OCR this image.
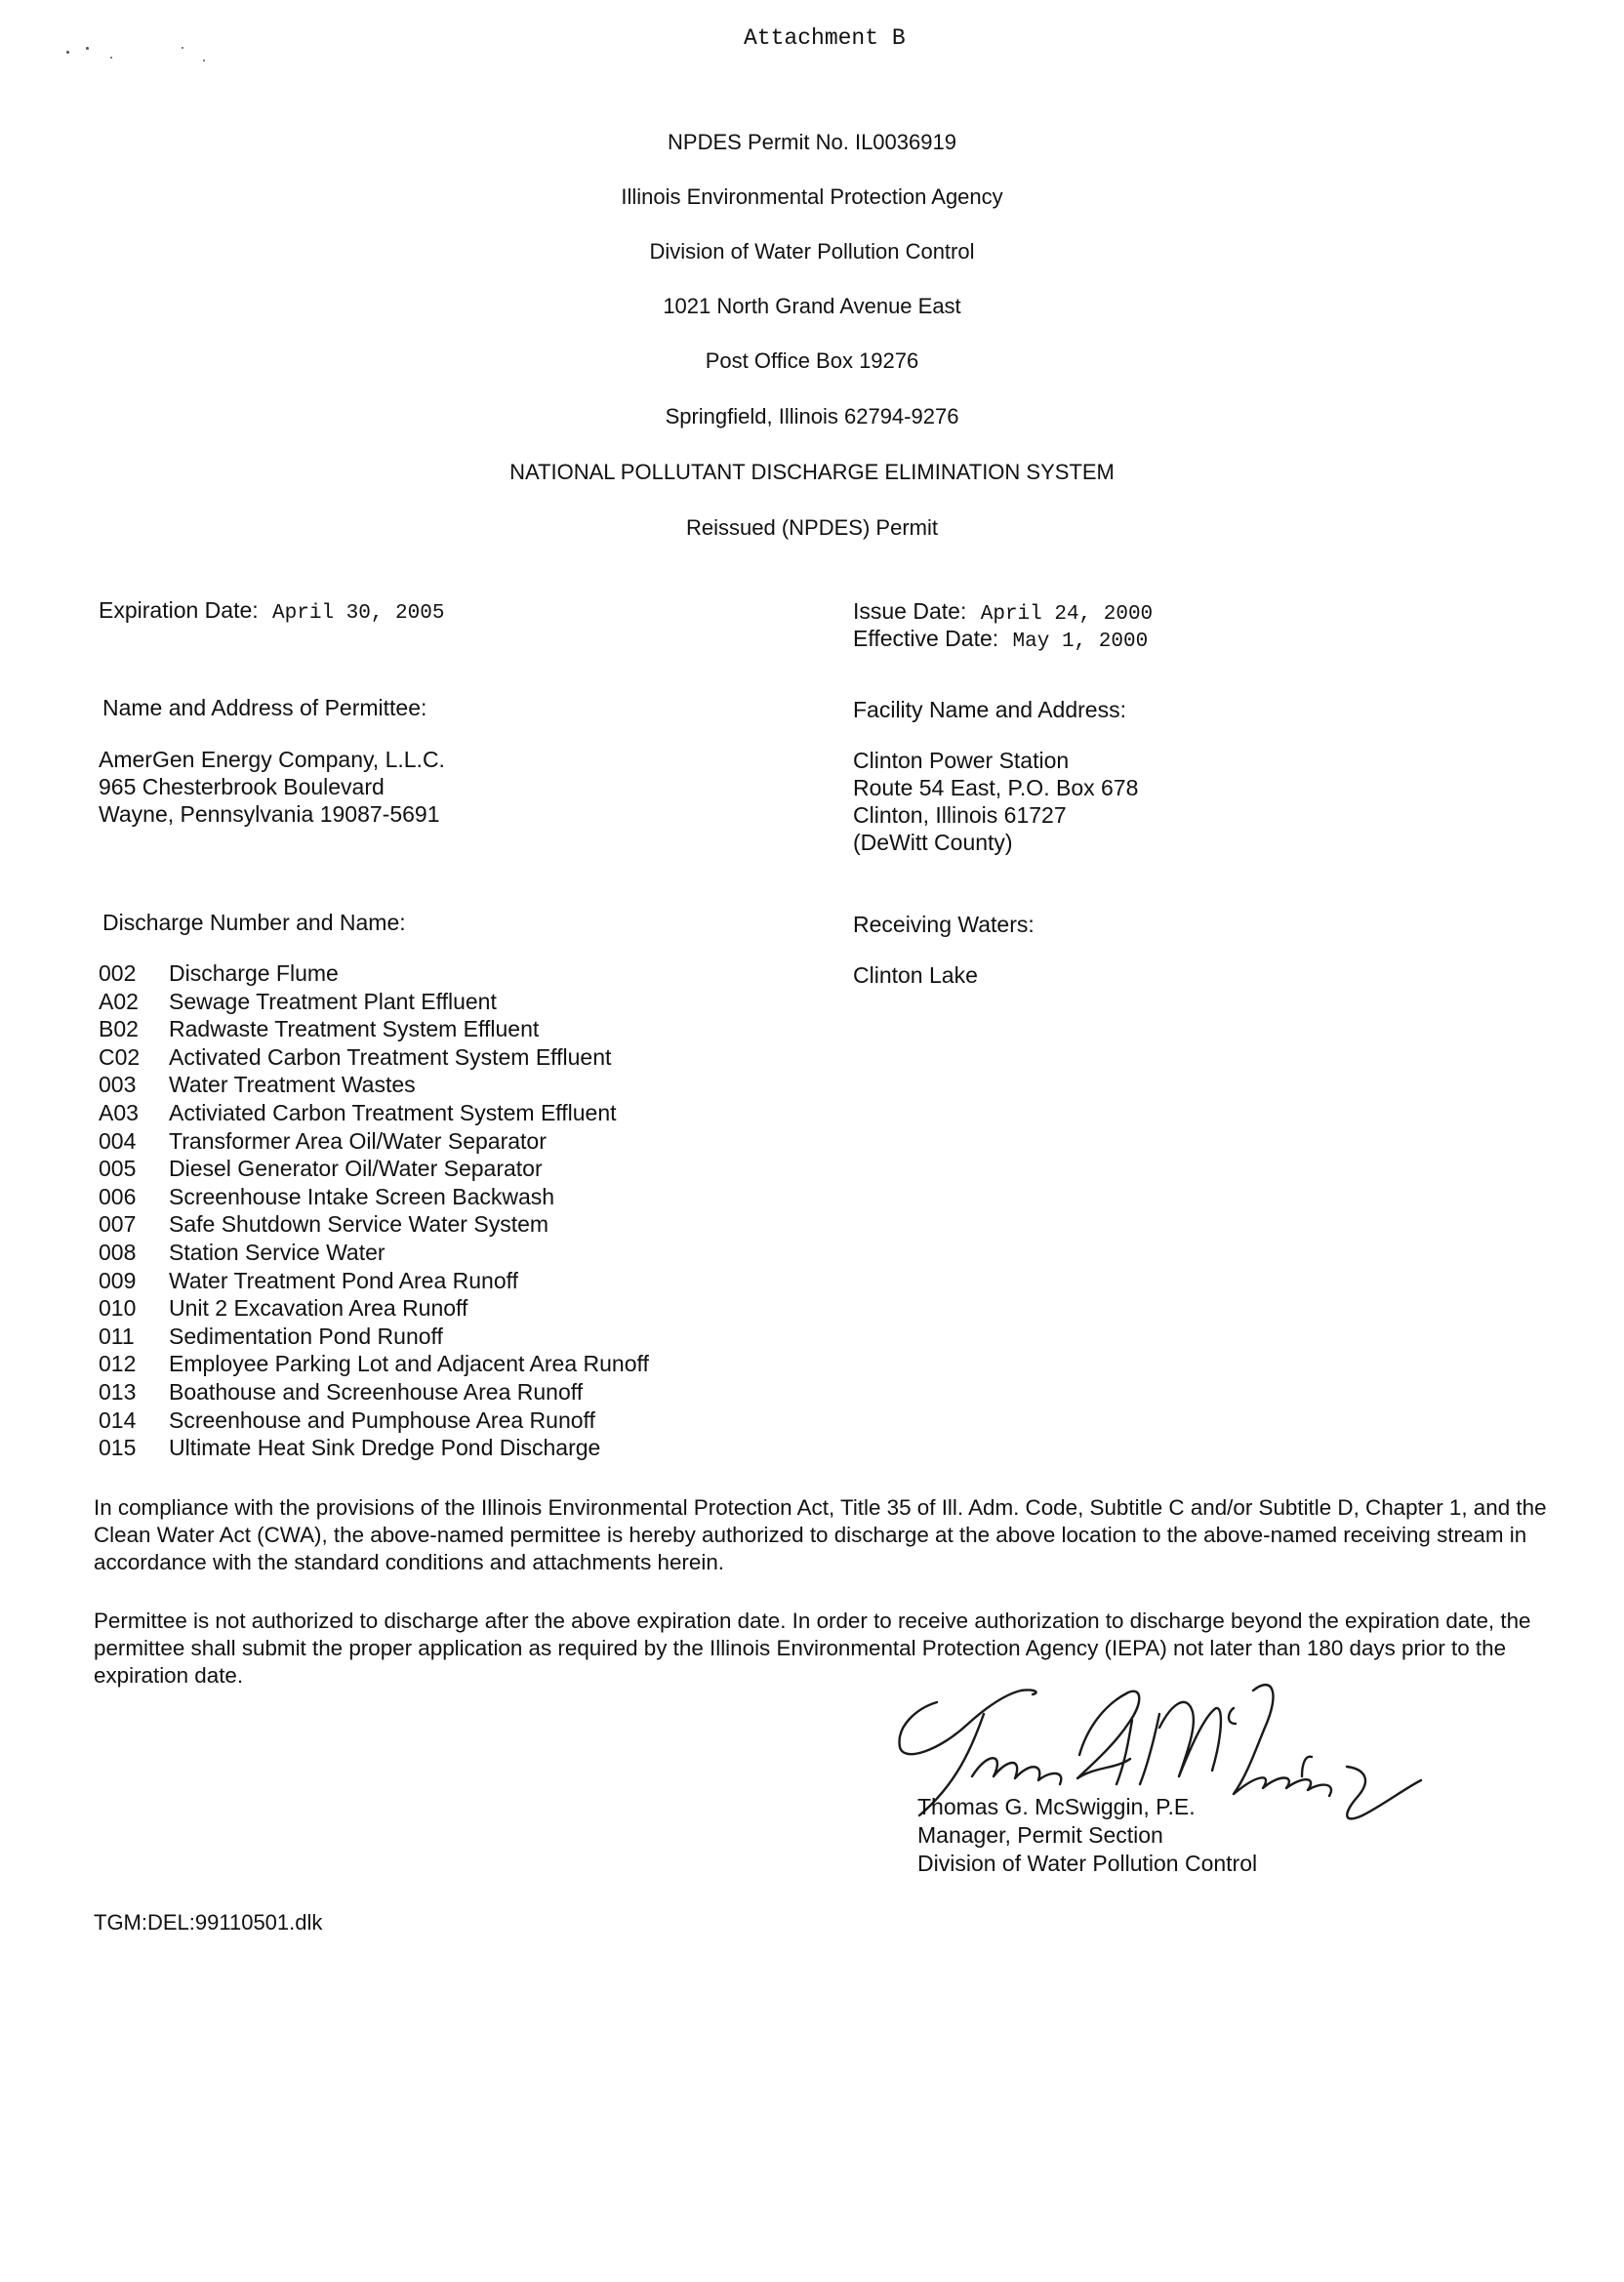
Attachment B
NPDES Permit No. IL0036919
Illinois Environmental Protection Agency
Division of Water Pollution Control
1021 North Grand Avenue East
Post Office Box 19276
Springfield, Illinois 62794-9276
NATIONAL POLLUTANT DISCHARGE ELIMINATION SYSTEM
Reissued (NPDES) Permit
Expiration Date: April 30, 2005	Issue Date: April 24, 2000
Effective Date: May 1, 2000
Name and Address of Permittee:
AmerGen Energy Company, L.L.C.
965 Chesterbrook Boulevard
Wayne, Pennsylvania 19087-5691
Facility Name and Address:
Clinton Power Station
Route 54 East, P.O. Box 678
Clinton, Illinois 61727
(DeWitt County)
Discharge Number and Name:	Receiving Waters:
Clinton Lake
002	Discharge Flume
A02	Sewage Treatment Plant Effluent
B02	Radwaste Treatment System Effluent
C02	Activated Carbon Treatment System Effluent
003	Water Treatment Wastes
A03	Activiated Carbon Treatment System Effluent
004	Transformer Area Oil/Water Separator
005	Diesel Generator Oil/Water Separator
006	Screenhouse Intake Screen Backwash
007	Safe Shutdown Service Water System
008	Station Service Water
009	Water Treatment Pond Area Runoff
010	Unit 2 Excavation Area Runoff
011	Sedimentation Pond Runoff
012	Employee Parking Lot and Adjacent Area Runoff
013	Boathouse and Screenhouse Area Runoff
014	Screenhouse and Pumphouse Area Runoff
015	Ultimate Heat Sink Dredge Pond Discharge

In compliance with the provisions of the Illinois Environmental Protection Act, Title 35 of Ill. Adm. Code, Subtitle C and/or Subtitle D, Chapter 1, and the Clean Water Act (CWA), the above-named permittee is hereby authorized to discharge at the above location to the above-named receiving stream in accordance with the standard conditions and attachments herein.

Permittee is not authorized to discharge after the above expiration date. In order to receive authorization to discharge beyond the expiration date, the permittee shall submit the proper application as required by the Illinois Environmental Protection Agency (IEPA) not later than 180 days prior to the expiration date.

Thomas G. McSwiggin, P.E.
Manager, Permit Section
Division of Water Pollution Control
TGM:DEL:99110501.dlk
